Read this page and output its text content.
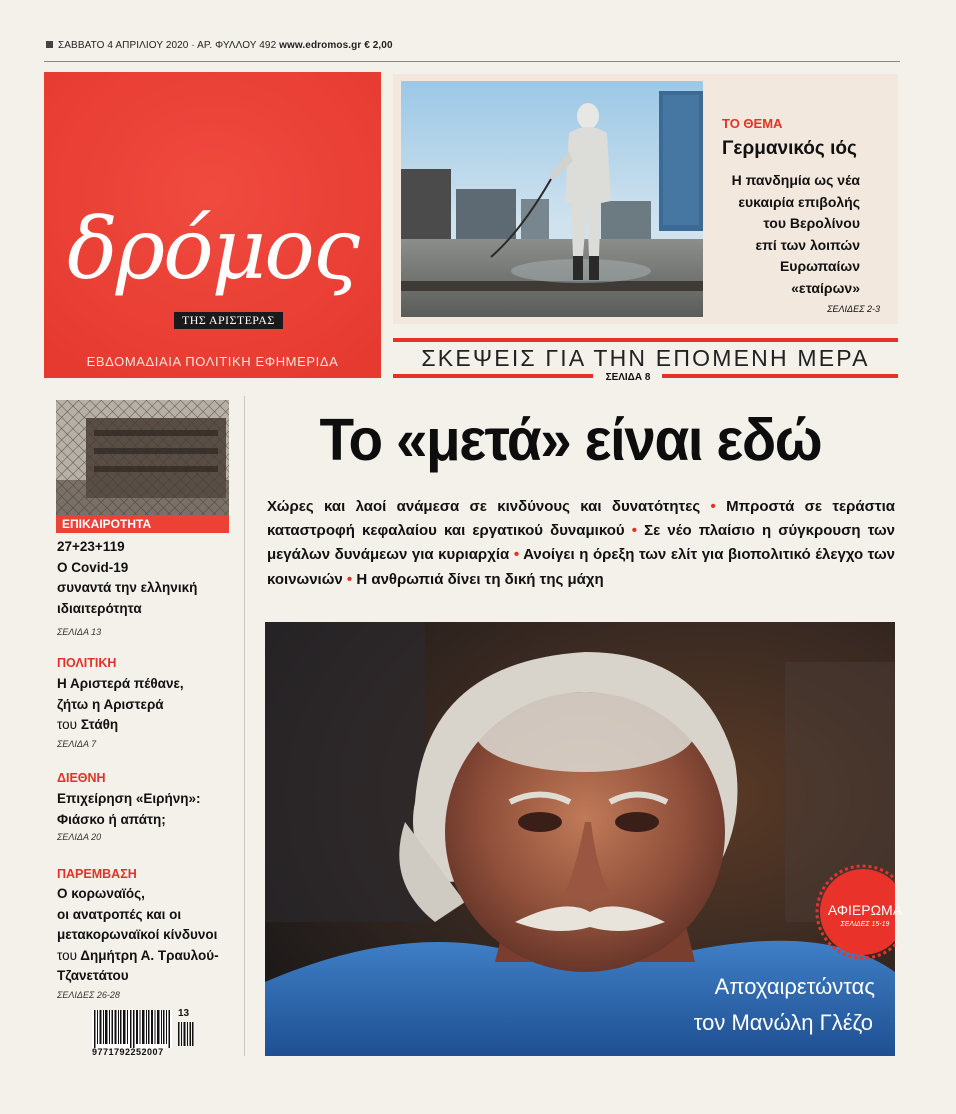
ΣΑΒΒΑΤΟ 4 ΑΠΡΙΛΙΟΥ 2020 · ΑΡ. ΦΥΛΛΟΥ 492 www.edromos.gr € 2,00
δρόμος
ΤΗΣ ΑΡΙΣΤΕΡΑΣ
ΕΒΔΟΜΑΔΙΑΙΑ ΠΟΛΙΤΙΚΗ ΕΦΗΜΕΡΙΔΑ
ΤΟ ΘΕΜΑ
Γερμανικός ιός
Η πανδημία ως νέα
ευκαιρία επιβολής
του Βερολίνου
επί των λοιπών
Ευρωπαίων
«εταίρων»
ΣΕΛΙΔΕΣ 2-3
ΣΚΕΨΕΙΣ ΓΙΑ ΤΗΝ ΕΠΟΜΕΝΗ ΜΕΡΑ
ΣΕΛΙΔΑ 8
ΕΠΙΚΑΙΡΟΤΗΤΑ
27+23+119
Ο Covid-19
συναντά την ελληνική
ιδιαιτερότητα
ΣΕΛΙΔΑ 13
ΠΟΛΙΤΙΚΗ
Η Αριστερά πέθανε,
ζήτω η Αριστερά
του Στάθη
ΣΕΛΙΔΑ 7
ΔΙΕΘΝΗ
Επιχείρηση «Ειρήνη»:
Φιάσκο ή απάτη;
ΣΕΛΙΔΑ 20
ΠΑΡΕΜΒΑΣΗ
Ο κορωναϊός,
οι ανατροπές και οι
μετακορωναϊκοί κίνδυνοι
του Δημήτρη Α. Τραυλού-
Τζανετάτου
ΣΕΛΙΔΕΣ 26-28
9771792252007
13
Το «μετά» είναι εδώ
Χώρες και λαοί ανάμεσα σε κινδύνους και δυνατότητες • Μπροστά σε τεράστια καταστροφή κεφαλαίου και εργατικού δυναμικού • Σε νέο πλαίσιο η σύγκρουση των μεγάλων δυνάμεων για κυριαρχία • Ανοίγει η όρεξη των ελίτ για βιοπολιτικό έλεγχο των κοινωνιών • Η ανθρωπιά δίνει τη δική της μάχη
ΑΦΙΕΡΩΜΑ
ΣΕΛΙΔΕΣ 15-19
Αποχαιρετώντας
τον Μανώλη Γλέζο
